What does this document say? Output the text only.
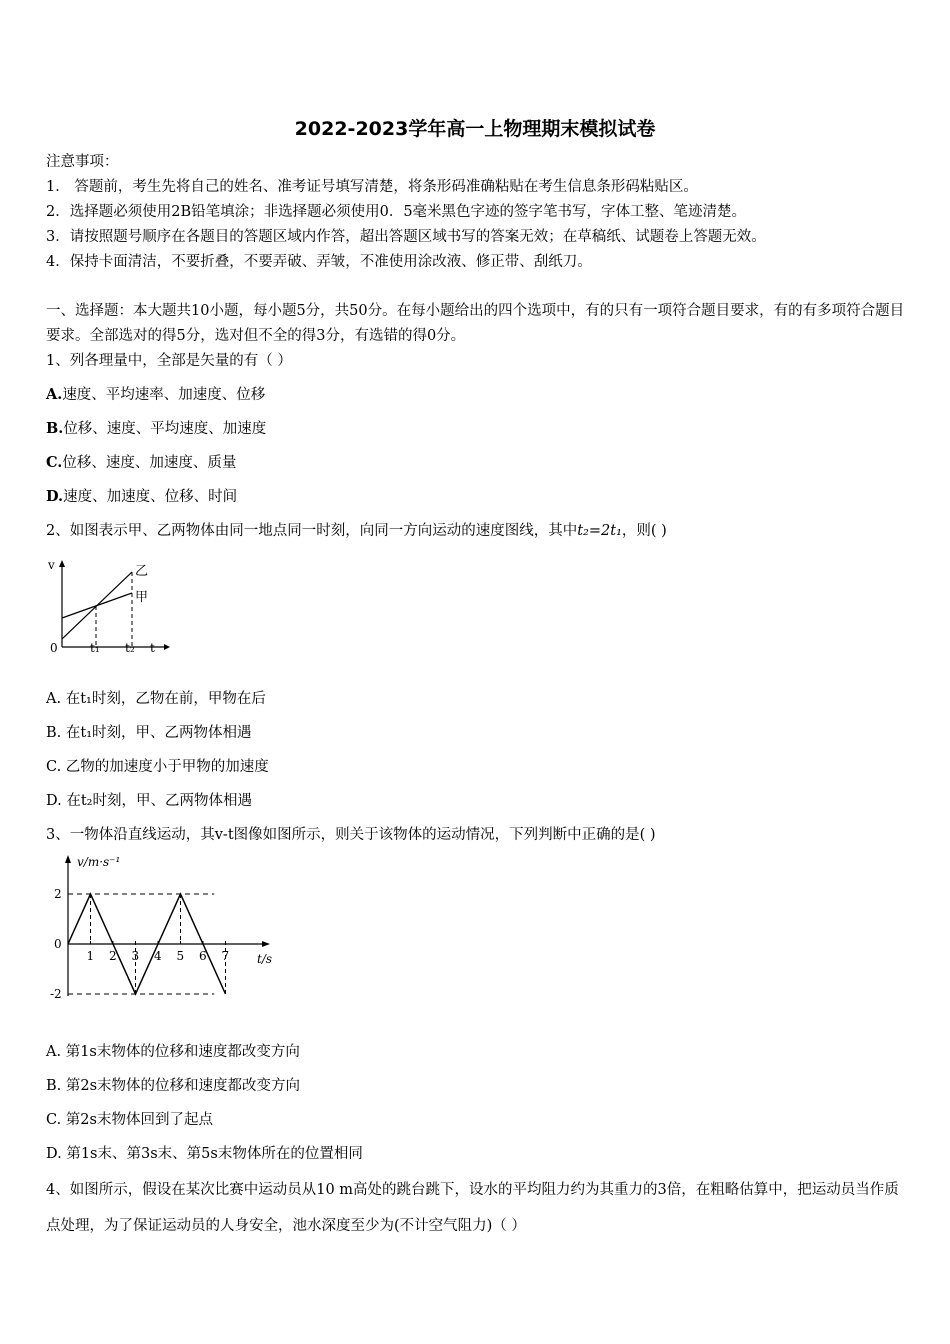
2022-2023学年高一上物理期末模拟试卷
注意事项：
1． 答题前，考生先将自己的姓名、准考证号填写清楚，将条形码准确粘贴在考生信息条形码粘贴区。
2．选择题必须使用2B铅笔填涂；非选择题必须使用0．5毫米黑色字迹的签字笔书写，字体工整、笔迹清楚。
3．请按照题号顺序在各题目的答题区域内作答，超出答题区域书写的答案无效；在草稿纸、试题卷上答题无效。
4．保持卡面清洁，不要折叠，不要弄破、弄皱，不准使用涂改液、修正带、刮纸刀。
一、选择题：本大题共10小题，每小题5分，共50分。在每小题给出的四个选项中，有的只有一项符合题目要求，有的有多项符合题目要求。全部选对的得5分，选对但不全的得3分，有选错的得0分。
1、列各理量中，全部是矢量的有（ ）
A.速度、平均速率、加速度、位移
B.位移、速度、平均速度、加速度
C.位移、速度、加速度、质量
D.速度、加速度、位移、时间
2、如图表示甲、乙两物体由同一地点同一时刻，向同一方向运动的速度图线，其中t₂=2t₁，则( )
v
0	t₁ t₂ t
乙
甲
A. 在t₁时刻，乙物在前，甲物在后
B. 在t₁时刻，甲、乙两物体相遇
C. 乙物的加速度小于甲物的加速度
D. 在t₂时刻，甲、乙两物体相遇
3、一物体沿直线运动，其v-t图像如图所示，则关于该物体的运动情况，下列判断中正确的是( )
v/m·s⁻¹
t/s
1 2 3 4 5 6 7
2
0
-2
A. 第1s末物体的位移和速度都改变方向
B. 第2s末物体的位移和速度都改变方向
C. 第2s末物体回到了起点
D. 第1s末、第3s末、第5s末物体所在的位置相同
4、如图所示，假设在某次比赛中运动员从10 m高处的跳台跳下，设水的平均阻力约为其重力的3倍，在粗略估算中，把运动员当作质点处理，为了保证运动员的人身安全，池水深度至少为(不计空气阻力)（ ）
